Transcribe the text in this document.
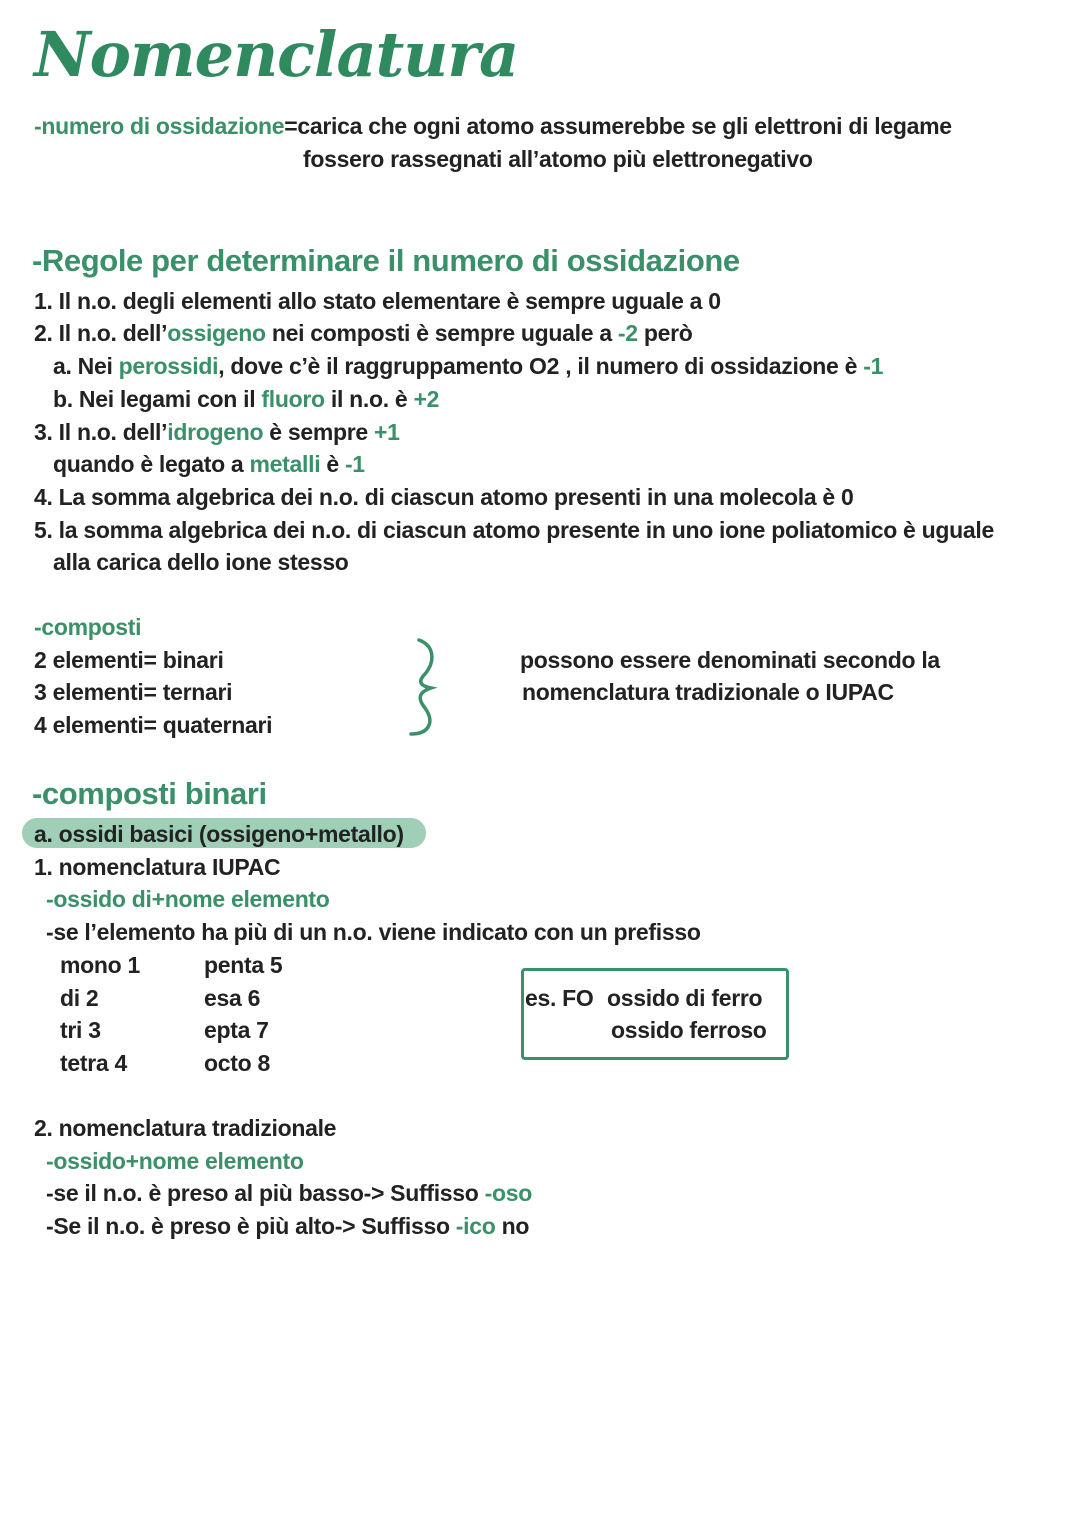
Nomenclatura
-numero di ossidazione=carica che ogni atomo assumerebbe se gli elettroni di legame
fossero rassegnati all’atomo più elettronegativo
-Regole per determinare il numero di ossidazione
1. Il n.o. degli elementi allo stato elementare è sempre uguale a 0
2. Il n.o. dell’ossigeno nei composti è sempre uguale a -2 però
a. Nei perossidi, dove c’è il raggruppamento O2 , il numero di ossidazione è -1
b. Nei legami con il fluoro il n.o. è +2
3. Il n.o. dell’idrogeno è sempre +1
quando è legato a metalli è -1
4. La somma algebrica dei n.o. di ciascun atomo presenti in una molecola è 0
5. la somma algebrica dei n.o. di ciascun atomo presente in uno ione poliatomico è uguale
alla carica dello ione stesso
-composti
2 elementi= binari
3 elementi= ternari
4 elementi= quaternari
possono essere denominati secondo la
nomenclatura tradizionale o IUPAC
-composti binari
a. ossidi basici (ossigeno+metallo)
1. nomenclatura IUPAC
-ossido di+nome elemento
-se l’elemento ha più di un n.o. viene indicato con un prefisso
mono 1
di 2
tri 3
tetra 4
penta 5
esa 6
epta 7
octo 8
es. FO ossido di ferro
ossido ferroso
2. nomenclatura tradizionale
-ossido+nome elemento
-se il n.o. è preso al più basso-> Suffisso -oso
-Se il n.o. è preso è più alto-> Suffisso -ico no
